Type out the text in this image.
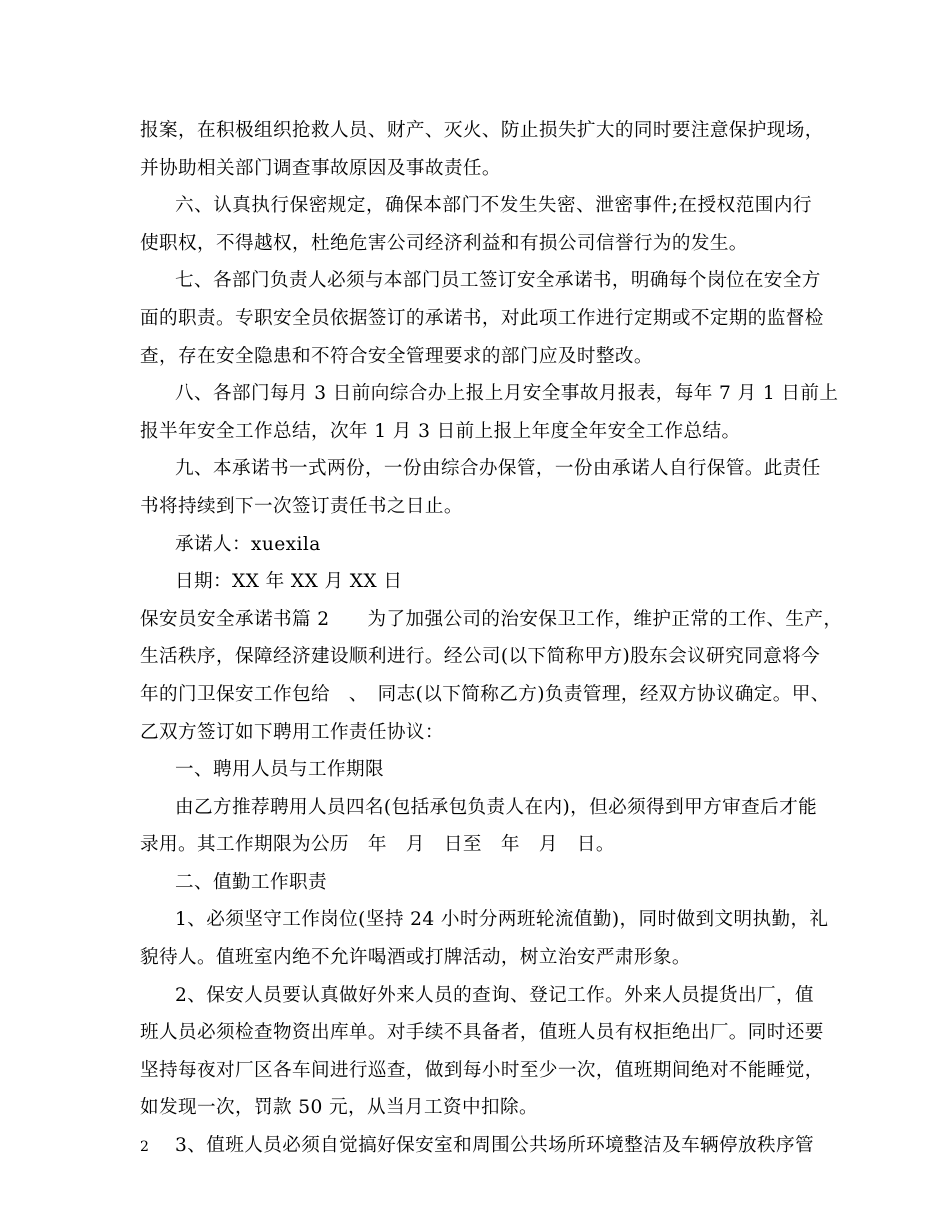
报案，在积极组织抢救人员、财产、灭火、防止损失扩大的同时要注意保护现场，
并协助相关部门调查事故原因及事故责任。
六、认真执行保密规定，确保本部门不发生失密、泄密事件;在授权范围内行
使职权，不得越权，杜绝危害公司经济利益和有损公司信誉行为的发生。
七、各部门负责人必须与本部门员工签订安全承诺书，明确每个岗位在安全方
面的职责。专职安全员依据签订的承诺书，对此项工作进行定期或不定期的监督检
查，存在安全隐患和不符合安全管理要求的部门应及时整改。
八、各部门每月 3 日前向综合办上报上月安全事故月报表，每年 7 月 1 日前上
报半年安全工作总结，次年 1 月 3 日前上报上年度全年安全工作总结。
九、本承诺书一式两份，一份由综合办保管，一份由承诺人自行保管。此责任
书将持续到下一次签订责任书之日止。
承诺人：xuexila
日期：XX 年 XX 月 XX 日
保安员安全承诺书篇 2　　为了加强公司的治安保卫工作，维护正常的工作、生产，
生活秩序，保障经济建设顺利进行。经公司(以下简称甲方)股东会议研究同意将今
年的门卫保安工作包给　、　同志(以下简称乙方)负责管理，经双方协议确定。甲、
乙双方签订如下聘用工作责任协议：
一、聘用人员与工作期限
由乙方推荐聘用人员四名(包括承包负责人在内)，但必须得到甲方审查后才能
录用。其工作期限为公历　年　月　日至　年　月　日。
二、值勤工作职责
1、必须坚守工作岗位(坚持 24 小时分两班轮流值勤)，同时做到文明执勤，礼
貌待人。值班室内绝不允许喝酒或打牌活动，树立治安严肃形象。
2、保安人员要认真做好外来人员的查询、登记工作。外来人员提货出厂，值
班人员必须检查物资出库单。对手续不具备者，值班人员有权拒绝出厂。同时还要
坚持每夜对厂区各车间进行巡查，做到每小时至少一次，值班期间绝对不能睡觉，
如发现一次，罚款 50 元，从当月工资中扣除。
3、值班人员必须自觉搞好保安室和周围公共场所环境整洁及车辆停放秩序管
2
